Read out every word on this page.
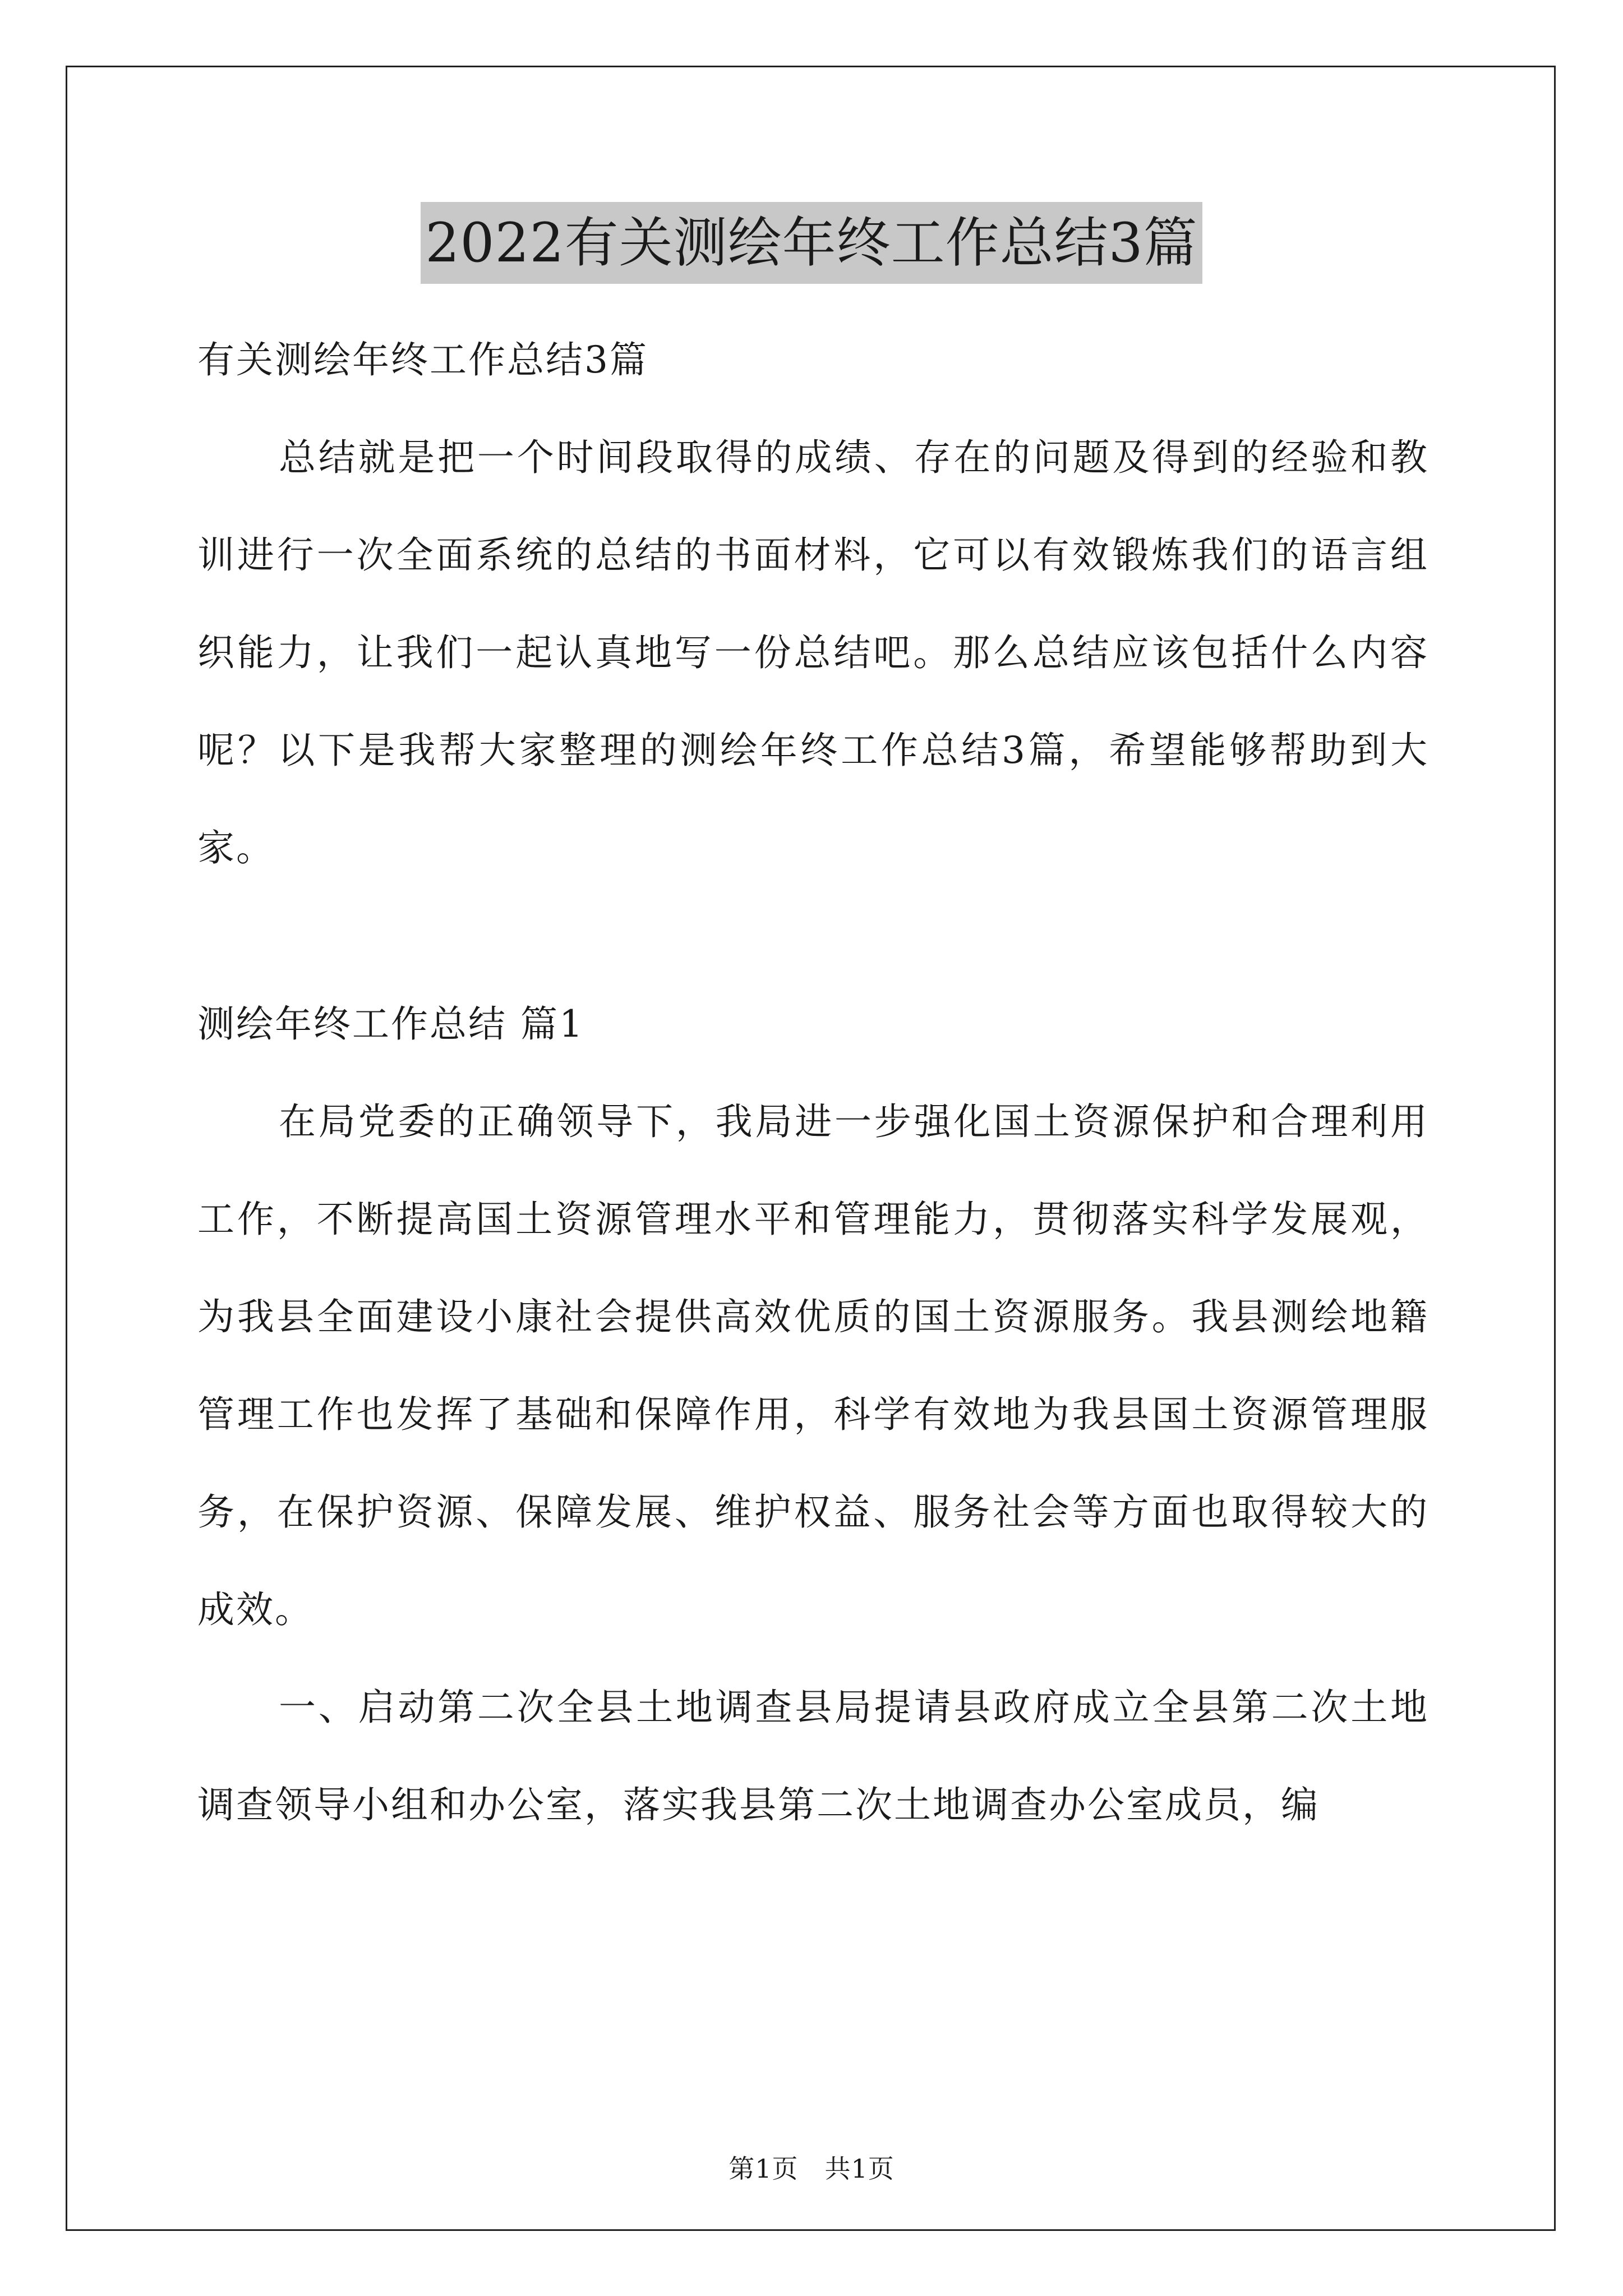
2022有关测绘年终工作总结3篇

有关测绘年终工作总结3篇

总结就是把一个时间段取得的成绩、存在的问题及得到的经验和教训进行一次全面系统的总结的书面材料，它可以有效锻炼我们的语言组织能力，让我们一起认真地写一份总结吧。那么总结应该包括什么内容呢？以下是我帮大家整理的测绘年终工作总结3篇，希望能够帮助到大家。

测绘年终工作总结 篇1

在局党委的正确领导下，我局进一步强化国土资源保护和合理利用工作，不断提高国土资源管理水平和管理能力，贯彻落实科学发展观，为我县全面建设小康社会提供高效优质的国土资源服务。我县测绘地籍管理工作也发挥了基础和保障作用，科学有效地为我县国土资源管理服务，在保护资源、保障发展、维护权益、服务社会等方面也取得较大的成效。

一、启动第二次全县土地调查县局提请县政府成立全县第二次土地调查领导小组和办公室，落实我县第二次土地调查办公室成员，编

第1页　共1页
